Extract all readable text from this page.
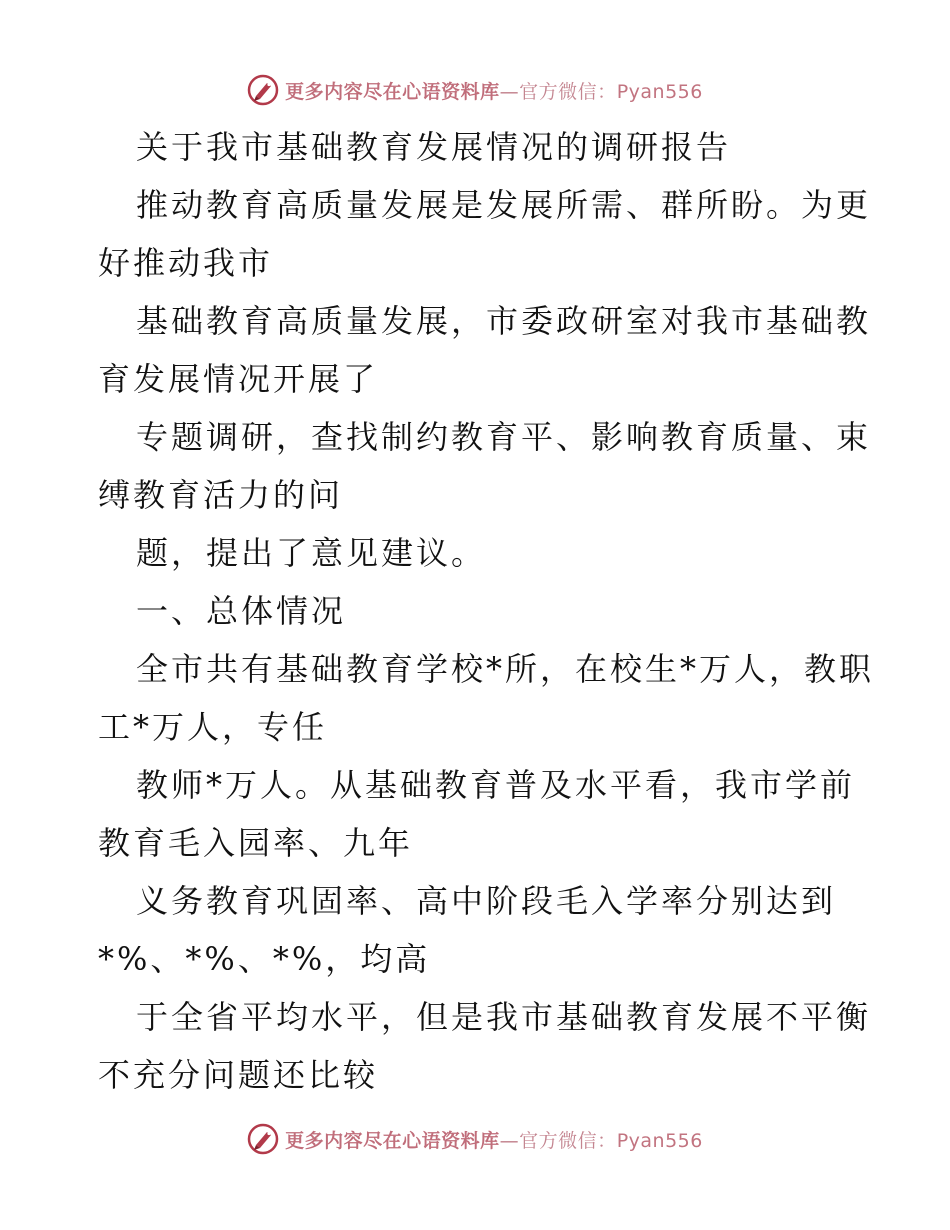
更多内容尽在心语资料库—官方微信：Pyan556
关于我市基础教育发展情况的调研报告
推动教育高质量发展是发展所需、群所盼。为更
好推动我市
基础教育高质量发展，市委政研室对我市基础教
育发展情况开展了
专题调研，查找制约教育平、影响教育质量、束
缚教育活力的问
题，提出了意见建议。
一、总体情况
全市共有基础教育学校*所，在校生*万人，教职
工*万人，专任
教师*万人。从基础教育普及水平看，我市学前
教育毛入园率、九年
义务教育巩固率、高中阶段毛入学率分别达到
*%、*%、*%，均高
于全省平均水平，但是我市基础教育发展不平衡
不充分问题还比较
更多内容尽在心语资料库—官方微信：Pyan556
